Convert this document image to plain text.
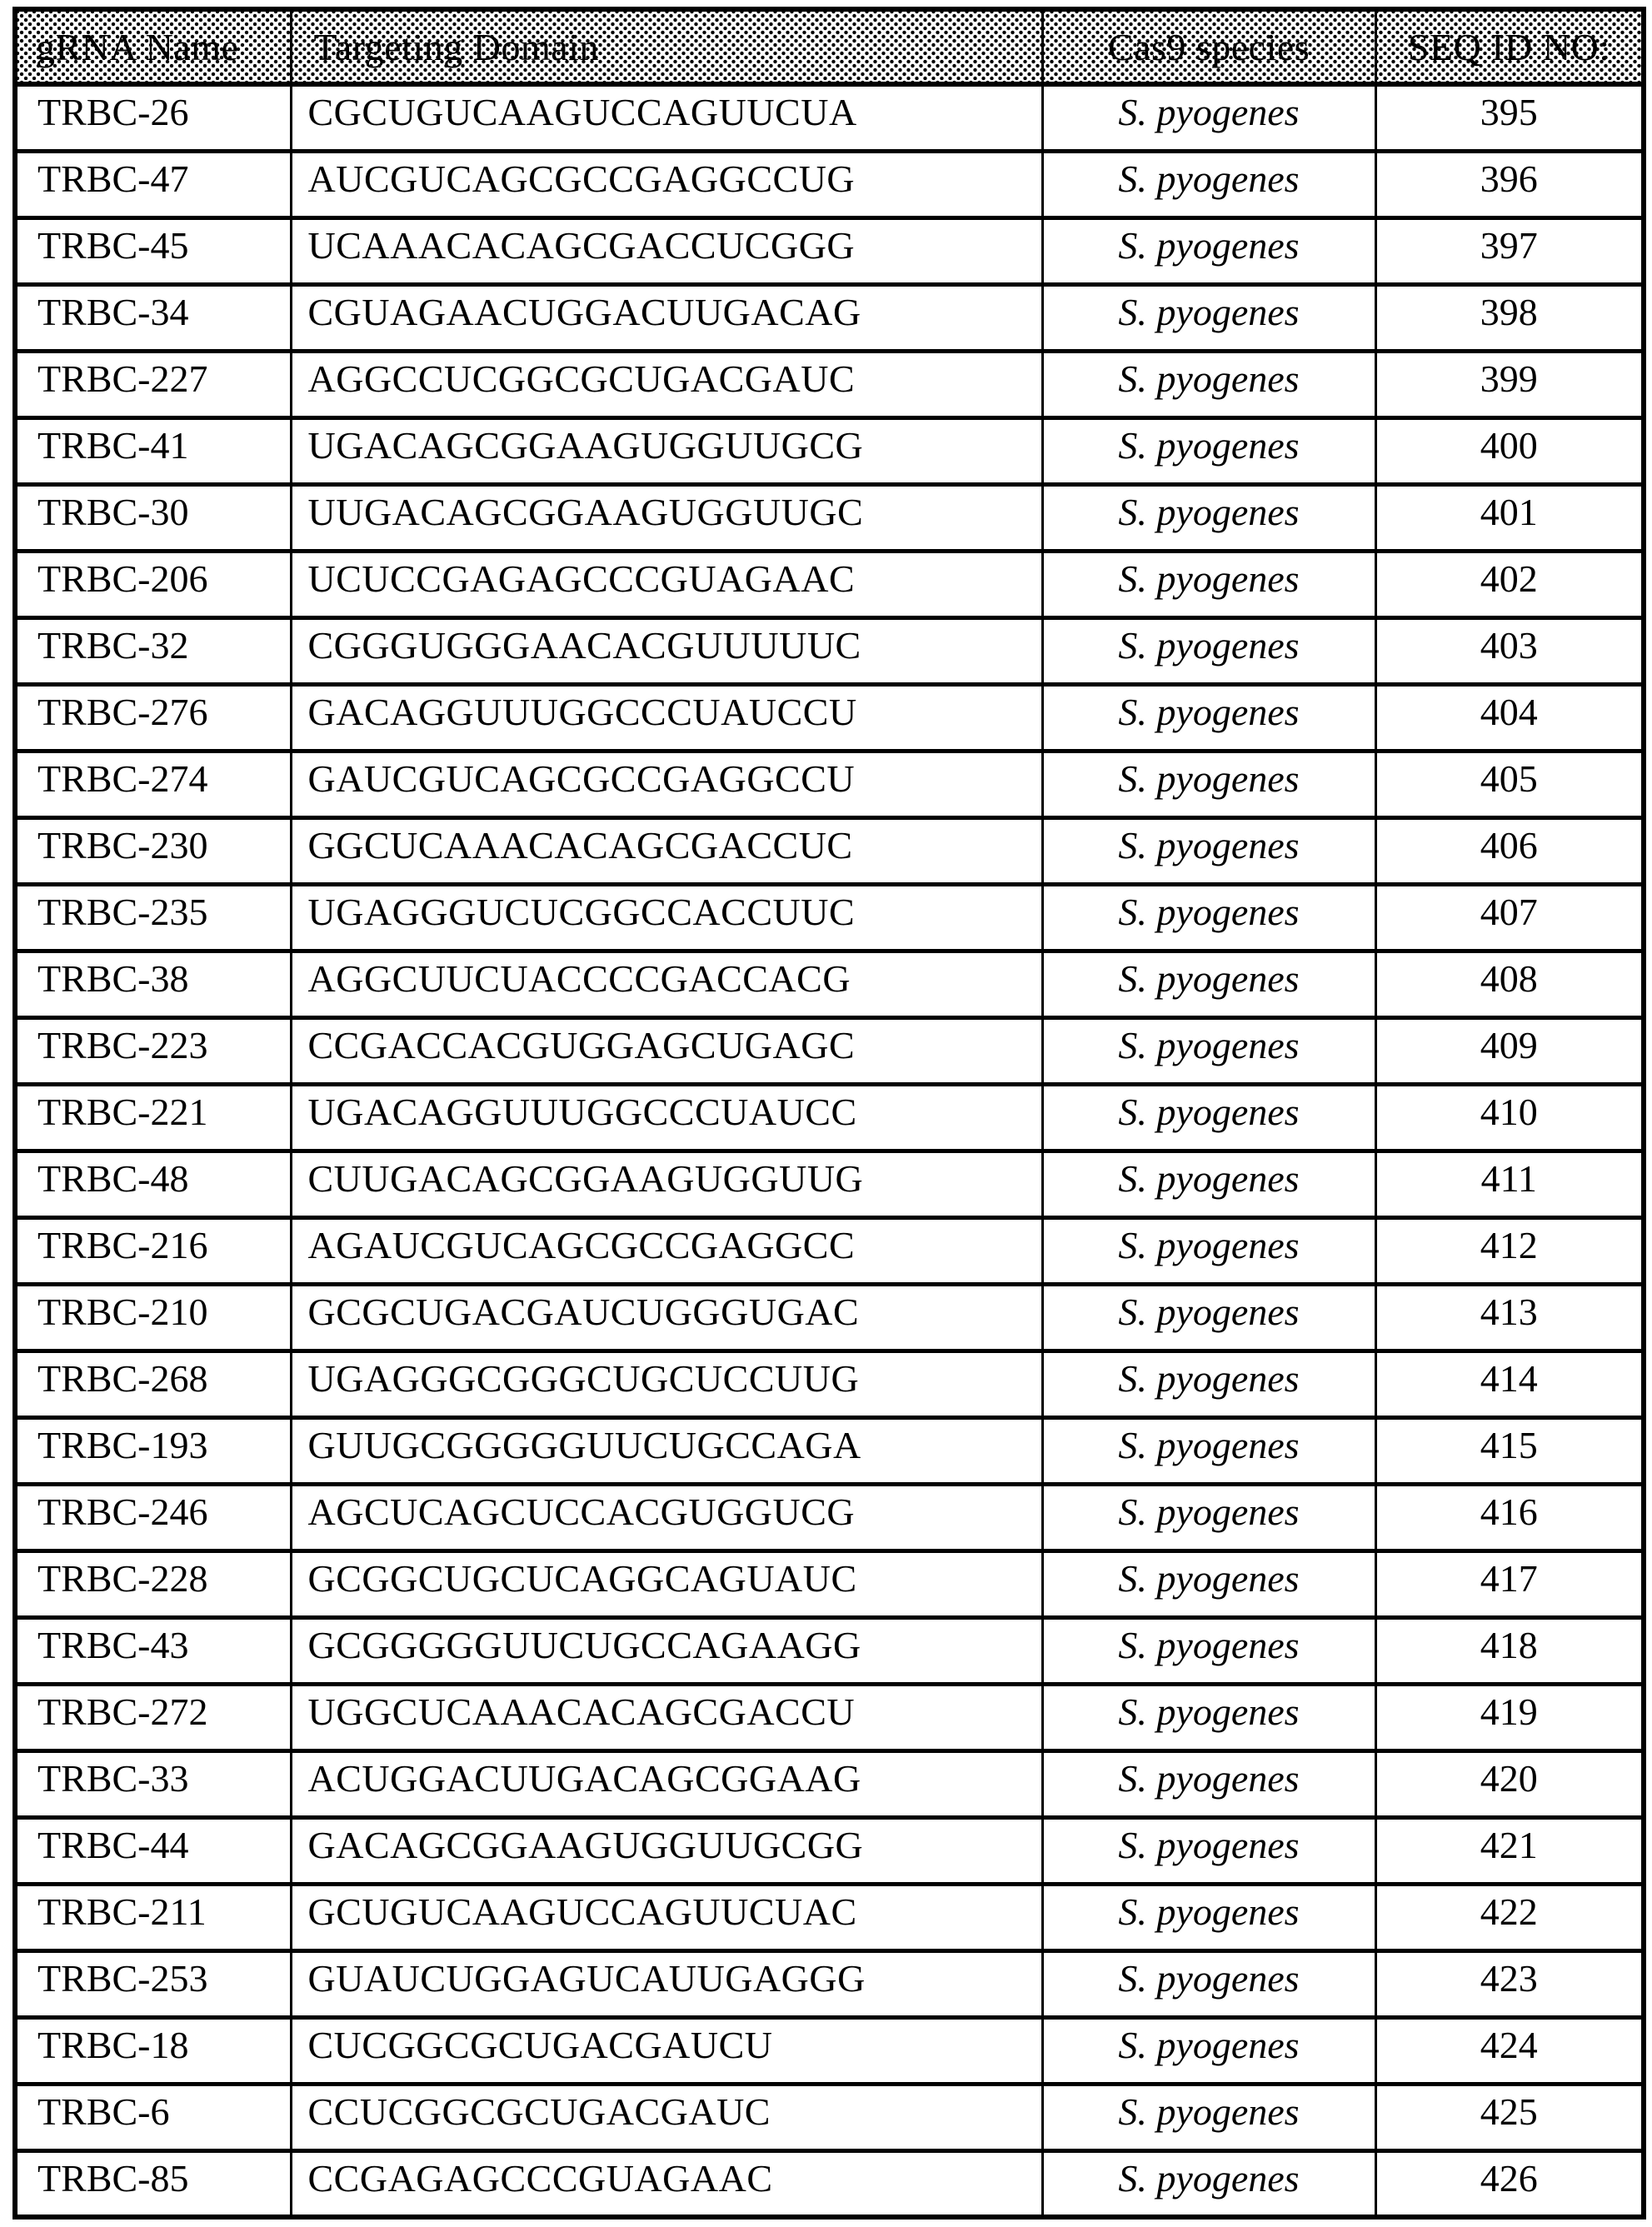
gRNA Name	Targeting Domain	Cas9 species	SEQ ID NO:
TRBC-26	CGCUGUCAAGUCCAGUUCUA	S. pyogenes	395
TRBC-47	AUCGUCAGCGCCGAGGCCUG	S. pyogenes	396
TRBC-45	UCAAACACAGCGACCUCGGG	S. pyogenes	397
TRBC-34	CGUAGAACUGGACUUGACAG	S. pyogenes	398
TRBC-227	AGGCCUCGGCGCUGACGAUC	S. pyogenes	399
TRBC-41	UGACAGCGGAAGUGGUUGCG	S. pyogenes	400
TRBC-30	UUGACAGCGGAAGUGGUUGC	S. pyogenes	401
TRBC-206	UCUCCGAGAGCCCGUAGAAC	S. pyogenes	402
TRBC-32	CGGGUGGGAACACGUUUUUC	S. pyogenes	403
TRBC-276	GACAGGUUUGGCCCUAUCCU	S. pyogenes	404
TRBC-274	GAUCGUCAGCGCCGAGGCCU	S. pyogenes	405
TRBC-230	GGCUCAAACACAGCGACCUC	S. pyogenes	406
TRBC-235	UGAGGGUCUCGGCCACCUUC	S. pyogenes	407
TRBC-38	AGGCUUCUACCCCGACCACG	S. pyogenes	408
TRBC-223	CCGACCACGUGGAGCUGAGC	S. pyogenes	409
TRBC-221	UGACAGGUUUGGCCCUAUCC	S. pyogenes	410
TRBC-48	CUUGACAGCGGAAGUGGUUG	S. pyogenes	411
TRBC-216	AGAUCGUCAGCGCCGAGGCC	S. pyogenes	412
TRBC-210	GCGCUGACGAUCUGGGUGAC	S. pyogenes	413
TRBC-268	UGAGGGCGGGCUGCUCCUUG	S. pyogenes	414
TRBC-193	GUUGCGGGGGUUCUGCCAGA	S. pyogenes	415
TRBC-246	AGCUCAGCUCCACGUGGUCG	S. pyogenes	416
TRBC-228	GCGGCUGCUCAGGCAGUAUC	S. pyogenes	417
TRBC-43	GCGGGGGUUCUGCCAGAAGG	S. pyogenes	418
TRBC-272	UGGCUCAAACACAGCGACCU	S. pyogenes	419
TRBC-33	ACUGGACUUGACAGCGGAAG	S. pyogenes	420
TRBC-44	GACAGCGGAAGUGGUUGCGG	S. pyogenes	421
TRBC-211	GCUGUCAAGUCCAGUUCUAC	S. pyogenes	422
TRBC-253	GUAUCUGGAGUCAUUGAGGG	S. pyogenes	423
TRBC-18	CUCGGCGCUGACGAUCU	S. pyogenes	424
TRBC-6	CCUCGGCGCUGACGAUC	S. pyogenes	425
TRBC-85	CCGAGAGCCCGUAGAAC	S. pyogenes	426
